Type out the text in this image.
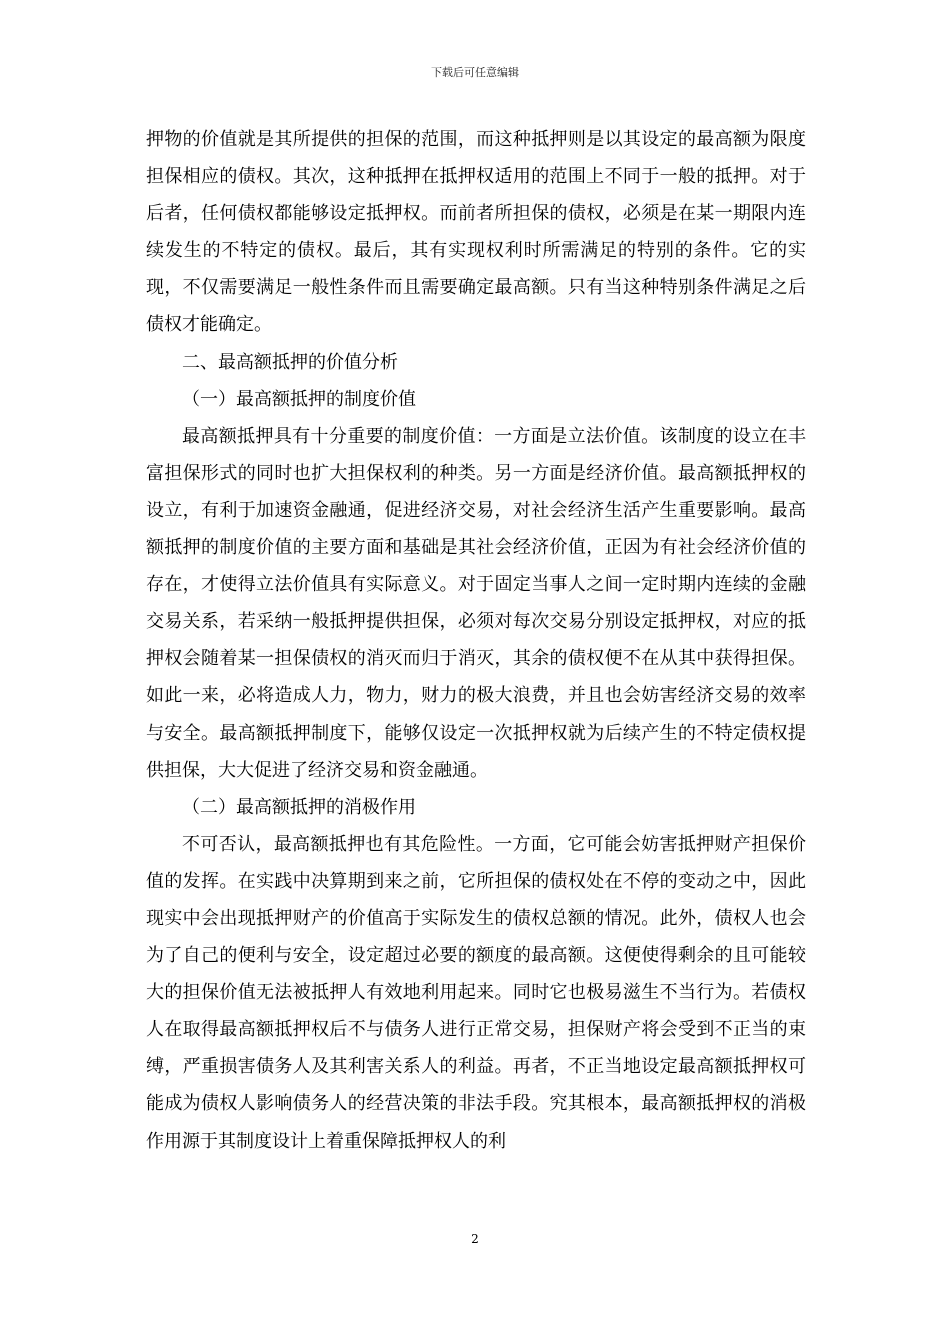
下载后可任意编辑

押物的价值就是其所提供的担保的范围，而这种抵押则是以其设定的最高额为限度担保相应的债权。其次，这种抵押在抵押权适用的范围上不同于一般的抵押。对于后者，任何债权都能够设定抵押权。而前者所担保的债权，必须是在某一期限内连续发生的不特定的债权。最后，其有实现权利时所需满足的特别的条件。它的实现，不仅需要满足一般性条件而且需要确定最高额。只有当这种特别条件满足之后债权才能确定。

二、最高额抵押的价值分析

（一）最高额抵押的制度价值

最高额抵押具有十分重要的制度价值：一方面是立法价值。该制度的设立在丰富担保形式的同时也扩大担保权利的种类。另一方面是经济价值。最高额抵押权的设立，有利于加速资金融通，促进经济交易，对社会经济生活产生重要影响。最高额抵押的制度价值的主要方面和基础是其社会经济价值，正因为有社会经济价值的存在，才使得立法价值具有实际意义。对于固定当事人之间一定时期内连续的金融交易关系，若采纳一般抵押提供担保，必须对每次交易分别设定抵押权，对应的抵押权会随着某一担保债权的消灭而归于消灭，其余的债权便不在从其中获得担保。如此一来，必将造成人力，物力，财力的极大浪费，并且也会妨害经济交易的效率与安全。最高额抵押制度下，能够仅设定一次抵押权就为后续产生的不特定债权提供担保，大大促进了经济交易和资金融通。

（二）最高额抵押的消极作用

不可否认，最高额抵押也有其危险性。一方面，它可能会妨害抵押财产担保价值的发挥。在实践中决算期到来之前，它所担保的债权处在不停的变动之中，因此现实中会出现抵押财产的价值高于实际发生的债权总额的情况。此外，债权人也会为了自己的便利与安全，设定超过必要的额度的最高额。这便使得剩余的且可能较大的担保价值无法被抵押人有效地利用起来。同时它也极易滋生不当行为。若债权人在取得最高额抵押权后不与债务人进行正常交易，担保财产将会受到不正当的束缚，严重损害债务人及其利害关系人的利益。再者，不正当地设定最高额抵押权可能成为债权人影响债务人的经营决策的非法手段。究其根本，最高额抵押权的消极作用源于其制度设计上着重保障抵押权人的利

2
